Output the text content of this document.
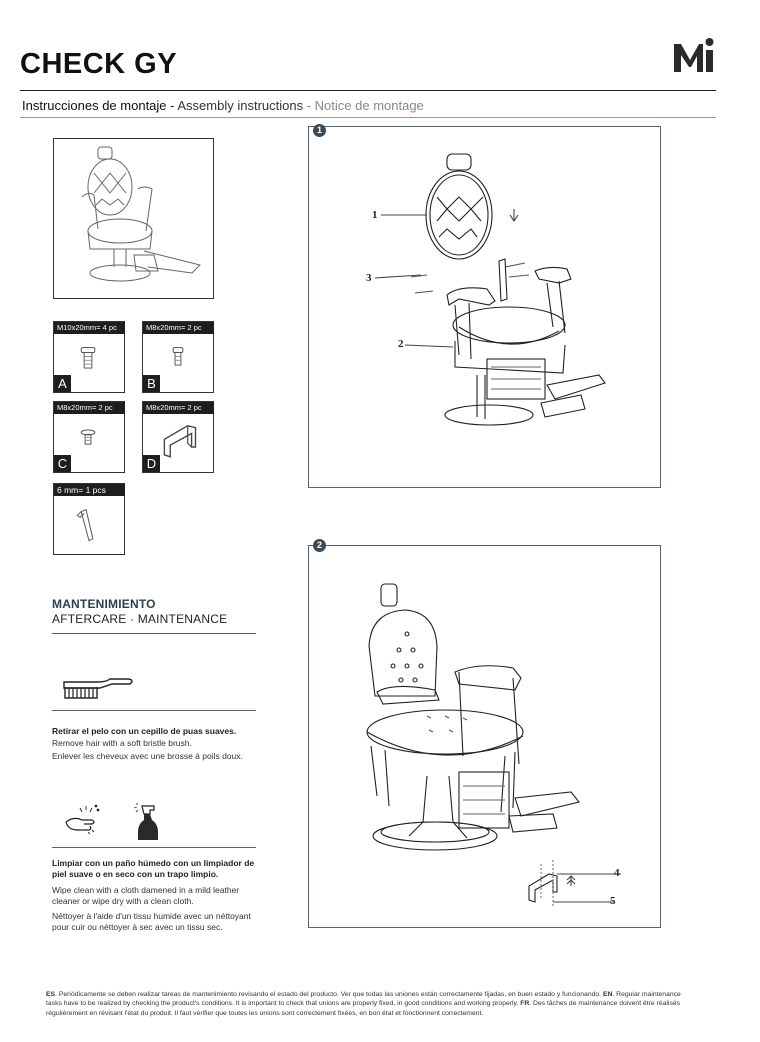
CHECK GY
Instrucciones de montaje - Assembly instructions - Notice de montage
M10x20mm= 4 pc
A
M8x20mm= 2 pc
B
M8x20mm= 2 pc
C
M8x20mm= 2 pc
D
6 mm= 1 pcs
1
1
3
2
2
4
5
MANTENIMIENTO
AFTERCARE · MAINTENANCE
Retirar el pelo con un cepillo de puas suaves.
Remove hair with a soft bristle brush.
Enlever les cheveux avec une brosse à poils doux.
Limpiar con un paño húmedo con un limpiador de piel suave o en seco con un trapo limpio.
Wipe clean with a cloth damened in a mild leather cleaner or wipe dry with a clean cloth.
Néttoyer à l'aide d'un tissu humide avec un néttoyant pour cuir ou néttoyer à sec avec un tissu sec.
ES. Periódicamente se deben realizar tareas de mantenimiento revisando el estado del producto. Ver que todas las uniones están correctamente fijadas, en buen estado y funcionando. EN. Regular maintenance tasks have to be realized by checking the product's conditions. It is important to check that unions are properly fixed, in good conditions and working properly. FR. Des tâches de maintenance doivent être réalisés régulièrement en révisant l'état du produit. Il faut vérifier que toutes les unions sont correctement fixées, en bon état et fonctionnent correctement.
